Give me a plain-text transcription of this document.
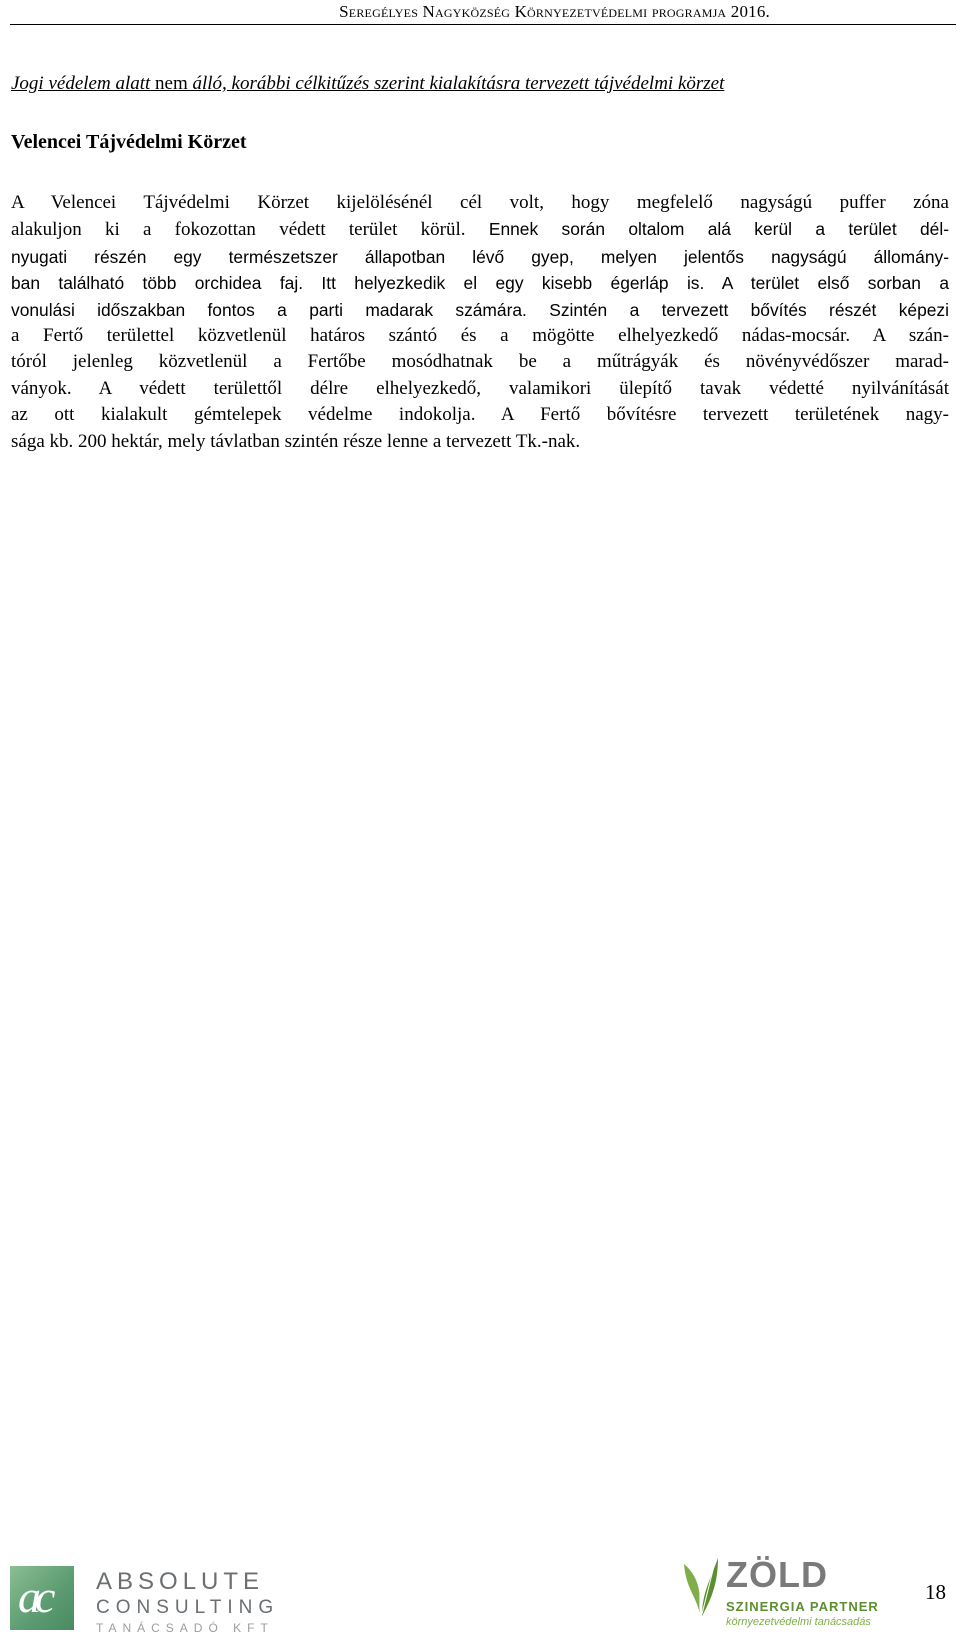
Seregélyes Nagyközség Környezetvédelmi programja 2016.
Jogi védelem alatt nem álló, korábbi célkitűzés szerint kialakításra tervezett tájvédelmi körzet
Velencei Tájvédelmi Körzet
A Velencei Tájvédelmi Körzet kijelölésénél cél volt, hogy megfelelő nagyságú puffer zóna
alakuljon ki a fokozottan védett terület körül. Ennek során oltalom alá kerül a terület dél-
nyugati részén egy természetszer állapotban lévő gyep, melyen jelentős nagyságú állomány-
ban található több orchidea faj. Itt helyezkedik el egy kisebb égerláp is. A terület első sorban a
vonulási időszakban fontos a parti madarak számára. Szintén a tervezett bővítés részét képezi
a Fertő területtel közvetlenül határos szántó és a mögötte elhelyezkedő nádas-mocsár. A szán-
tóról jelenleg közvetlenül a Fertőbe mosódhatnak be a műtrágyák és növényvédőszer marad-
ványok. A védett területtől délre elhelyezkedő, valamikori ülepítő tavak védetté nyilvánítását
az ott kialakult gémtelepek védelme indokolja. A Fertő bővítésre tervezett területének nagy-
sága kb. 200 hektár, mely távlatban szintén része lenne a tervezett Tk.-nak.
ac ABSOLUTE
CONSULTING
TANÁCSADÓ KFT
ZÖLD
SZINERGIA PARTNER
környezetvédelmi tanácsadás
18
